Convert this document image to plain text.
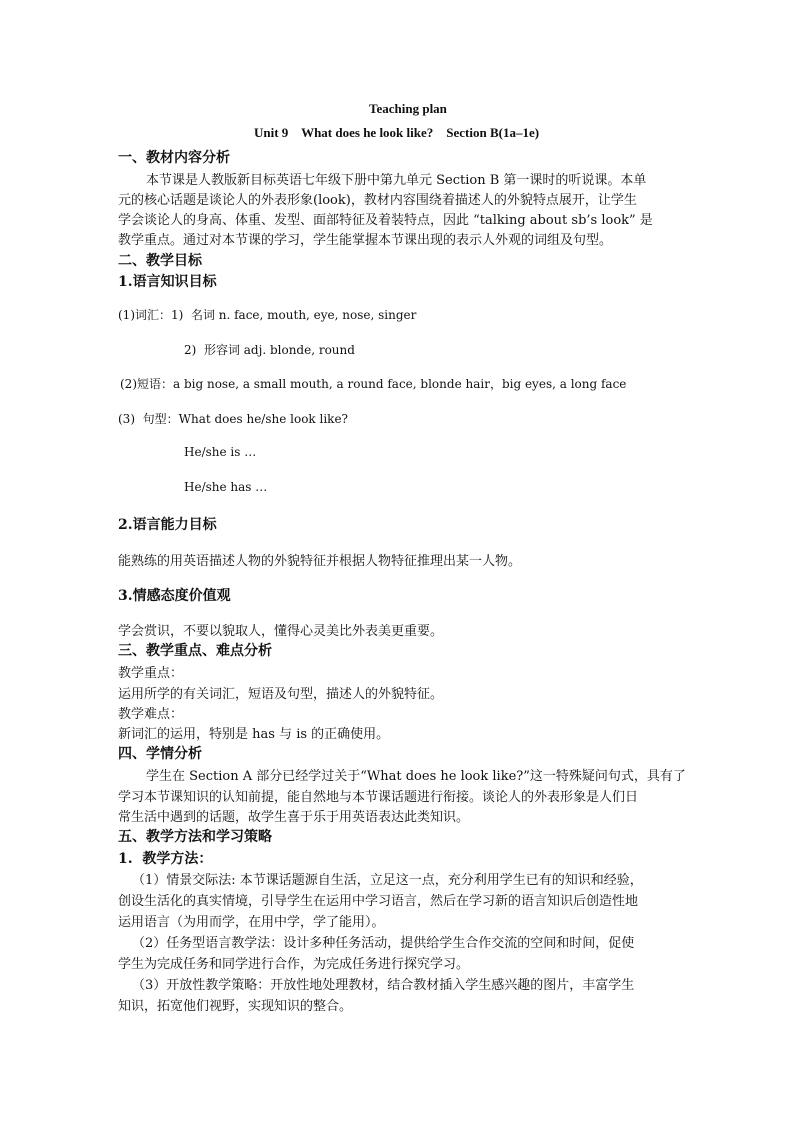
Teaching plan
Unit 9    What does he look like?    Section B(1a–1e)
一、教材内容分析
本节课是人教版新目标英语七年级下册中第九单元 Section B 第一课时的听说课。本单
元的核心话题是谈论人的外表形象(look)，教材内容围绕着描述人的外貌特点展开，让学生
学会谈论人的身高、体重、发型、面部特征及着装特点，因此 “talking about sb’s look” 是
教学重点。通过对本节课的学习，学生能掌握本节课出现的表示人外观的词组及句型。
二、教学目标
1.语言知识目标
(1)词汇：1)  名词 n. face, mouth, eye, nose, singer
2)  形容词 adj. blonde, round
(2)短语：a big nose, a small mouth, a round face, blonde hair，big eyes, a long face
(3)  句型：What does he/she look like?
He/she is …
He/she has …
2.语言能力目标
能熟练的用英语描述人物的外貌特征并根据人物特征推理出某一人物。
3.情感态度价值观
学会赏识，不要以貌取人，懂得心灵美比外表美更重要。
三、教学重点、难点分析
教学重点：
运用所学的有关词汇，短语及句型，描述人的外貌特征。
教学难点：
新词汇的运用，特别是 has 与 is 的正确使用。
四、学情分析
学生在 Section A 部分已经学过关于“What does he look like?”这一特殊疑问句式，具有了
学习本节课知识的认知前提，能自然地与本节课话题进行衔接。谈论人的外表形象是人们日
常生活中遇到的话题，故学生喜于乐于用英语表达此类知识。
五、教学方法和学习策略
1.  教学方法：
（1）情景交际法: 本节课话题源自生活，立足这一点，充分利用学生已有的知识和经验，
创设生活化的真实情境，引导学生在运用中学习语言，然后在学习新的语言知识后创造性地
运用语言（为用而学，在用中学，学了能用）。
（2）任务型语言教学法：设计多种任务活动，提供给学生合作交流的空间和时间，促使
学生为完成任务和同学进行合作，为完成任务进行探究学习。
（3）开放性教学策略：开放性地处理教材，结合教材插入学生感兴趣的图片，丰富学生
知识，拓宽他们视野，实现知识的整合。
